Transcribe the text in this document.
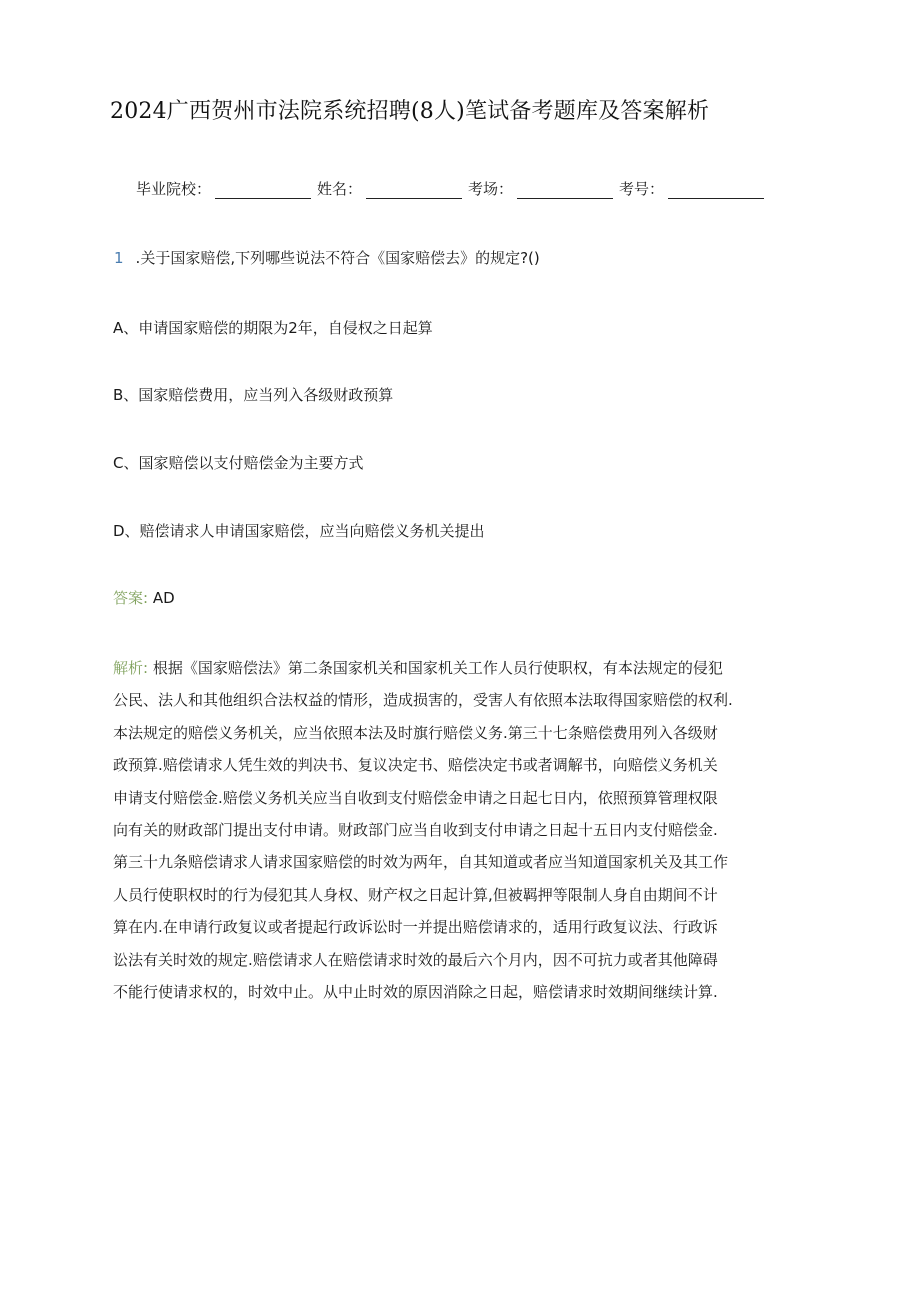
2024广西贺州市法院系统招聘(8人)笔试备考题库及答案解析
毕业院校：	姓名：	考场：	考号：
1 .关于国家赔偿,下列哪些说法不符合《国家赔偿去》的规定?()
A、申请国家赔偿的期限为2年，自侵权之日起算
B、国家赔偿费用，应当列入各级财政预算
C、国家赔偿以支付赔偿金为主要方式
D、赔偿请求人申请国家赔偿，应当向赔偿义务机关提出
答案: AD
解析: 根据《国家赔偿法》第二条国家机关和国家机关工作人员行使职权，有本法规定的侵犯
公民、法人和其他组织合法权益的情形，造成损害的，受害人有依照本法取得国家赔偿的权利.
本法规定的赔偿义务机关，应当依照本法及时旗行赔偿义务.第三十七条赔偿费用列入各级财
政预算.赔偿请求人凭生效的判决书、复议决定书、赔偿决定书或者调解书，向赔偿义务机关
申请支付赔偿金.赔偿义务机关应当自收到支付赔偿金申请之日起七日内，依照预算管理权限
向有关的财政部门提出支付申请。财政部门应当自收到支付申请之日起十五日内支付赔偿金.
第三十九条赔偿请求人请求国家赔偿的时效为两年，自其知道或者应当知道国家机关及其工作
人员行使职权时的行为侵犯其人身权、财产权之日起计算,但被羁押等限制人身自由期间不计
算在内.在申请行政复议或者提起行政诉讼时一并提出赔偿请求的，适用行政复议法、行政诉
讼法有关时效的规定.赔偿请求人在赔偿请求时效的最后六个月内，因不可抗力或者其他障碍
不能行使请求权的，时效中止。从中止时效的原因消除之日起，赔偿请求时效期间继续计算.
